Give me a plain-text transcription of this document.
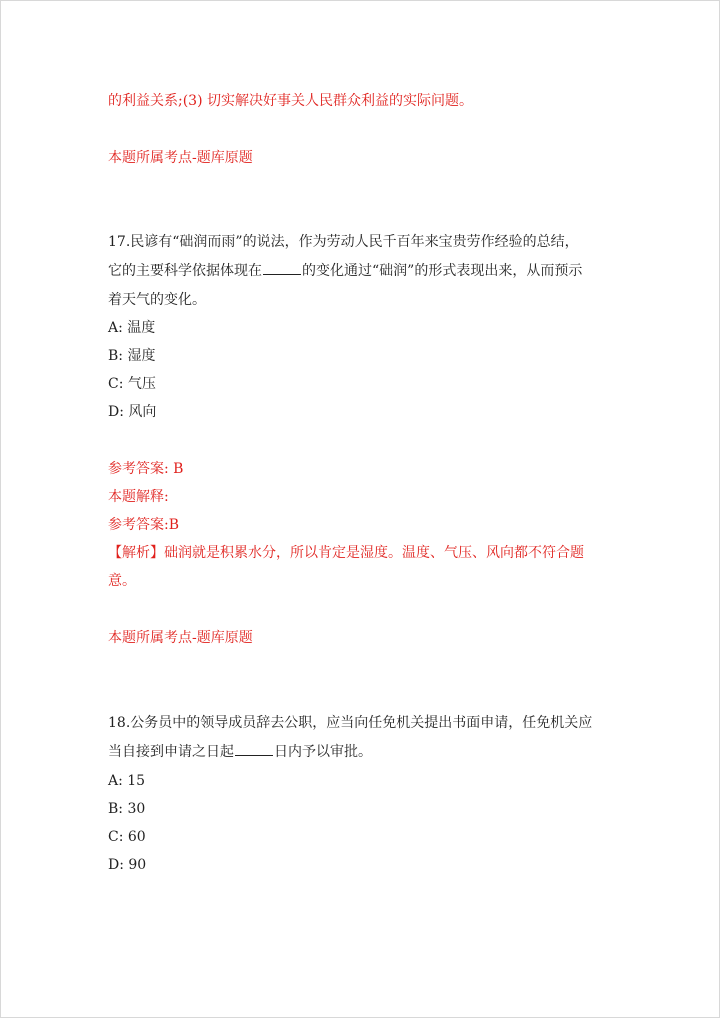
的利益关系;(3) 切实解决好事关人民群众利益的实际问题。
本题所属考点-题库原题
17.民谚有“础润而雨”的说法，作为劳动人民千百年来宝贵劳作经验的总结，
它的主要科学依据体现在	的变化通过“础润”的形式表现出来，从而预示
着天气的变化。
A: 温度
B: 湿度
C: 气压
D: 风向
参考答案: B
本题解释:
参考答案:B
【解析】础润就是积累水分，所以肯定是湿度。温度、气压、风向都不符合题
意。
本题所属考点-题库原题
18.公务员中的领导成员辞去公职，应当向任免机关提出书面申请，任免机关应
当自接到申请之日起	日内予以审批。
A: 15
B: 30
C: 60
D: 90
